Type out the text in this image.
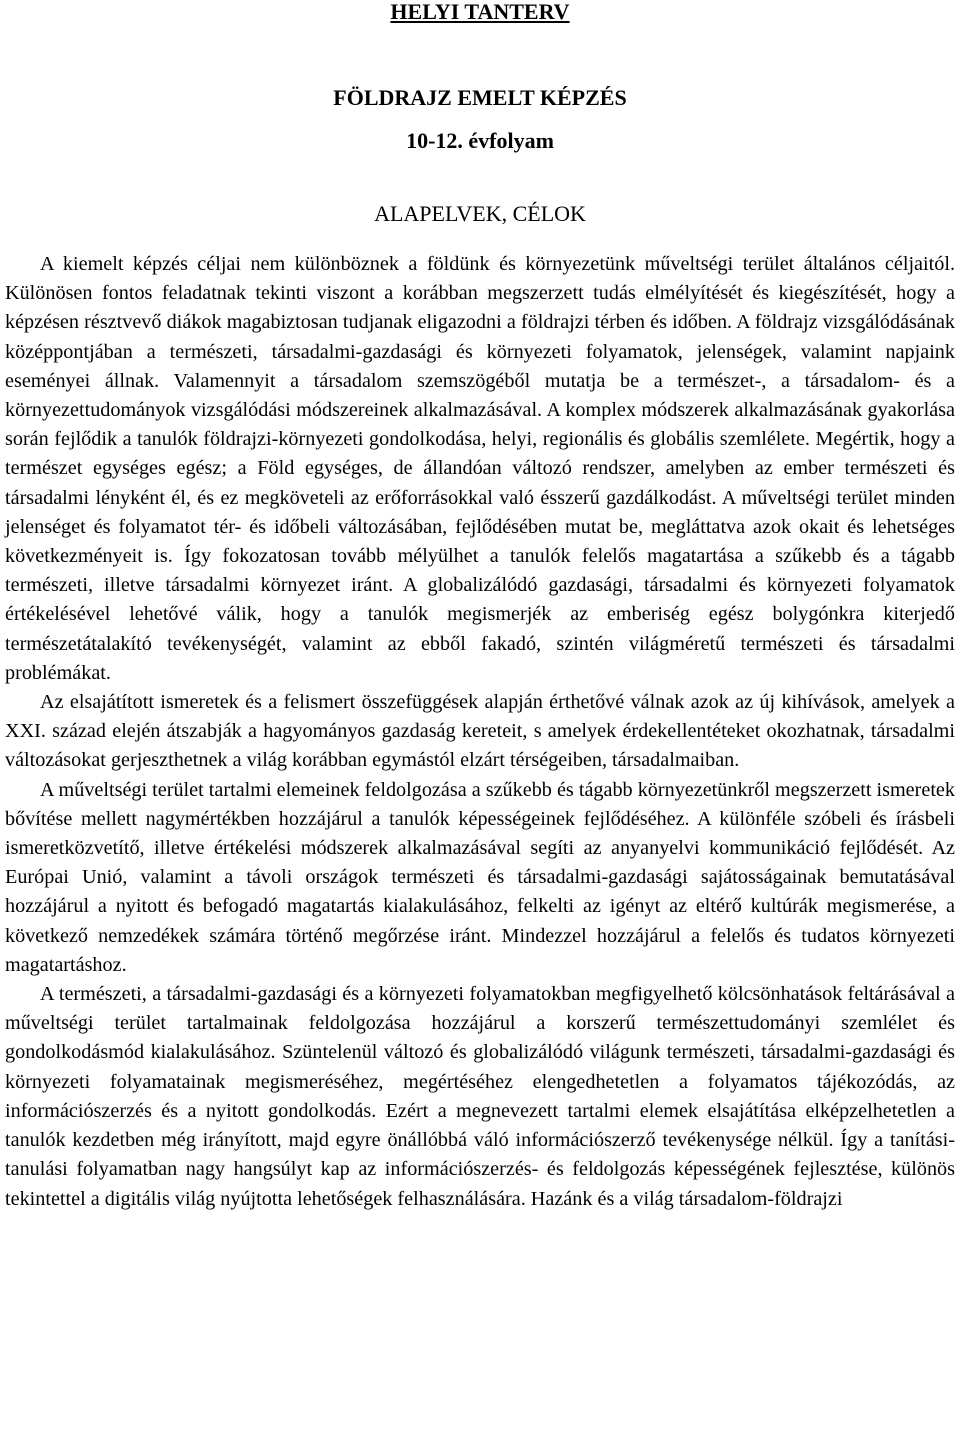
HELYI TANTERV
FÖLDRAJZ EMELT KÉPZÉS
10-12. évfolyam
ALAPELVEK, CÉLOK

A kiemelt képzés céljai nem különböznek a földünk és környezetünk műveltségi terület általános céljaitól. Különösen fontos feladatnak tekinti viszont a korábban megszerzett tudás elmélyítését és kiegészítését, hogy a képzésen résztvevő diákok magabiztosan tudjanak eligazodni a földrajzi térben és időben. A földrajz vizsgálódásának középpontjában a természeti, társadalmi-gazdasági és környezeti folyamatok, jelenségek, valamint napjaink eseményei állnak. Valamennyit a társadalom szemszögéből mutatja be a természet-, a társadalom- és a környezettudományok vizsgálódási módszereinek alkalmazásával. A komplex módszerek alkalmazásának gyakorlása során fejlődik a tanulók földrajzi-környezeti gondolkodása, helyi, regionális és globális szemlélete. Megértik, hogy a természet egységes egész; a Föld egységes, de állandóan változó rendszer, amelyben az ember természeti és társadalmi lényként él, és ez megköveteli az erőforrásokkal való ésszerű gazdálkodást. A műveltségi terület minden jelenséget és folyamatot tér- és időbeli változásában, fejlődésében mutat be, megláttatva azok okait és lehetséges következményeit is. Így fokozatosan tovább mélyülhet a tanulók felelős magatartása a szűkebb és a tágabb természeti, illetve társadalmi környezet iránt. A globalizálódó gazdasági, társadalmi és környezeti folyamatok értékelésével lehetővé válik, hogy a tanulók megismerjék az emberiség egész bolygónkra kiterjedő természetátalakító tevékenységét, valamint az ebből fakadó, szintén világméretű természeti és társadalmi problémákat.

Az elsajátított ismeretek és a felismert összefüggések alapján érthetővé válnak azok az új kihívások, amelyek a XXI. század elején átszabják a hagyományos gazdaság kereteit, s amelyek érdekellentéteket okozhatnak, társadalmi változásokat gerjeszthetnek a világ korábban egymástól elzárt térségeiben, társadalmaiban.

A műveltségi terület tartalmi elemeinek feldolgozása a szűkebb és tágabb környezetünkről megszerzett ismeretek bővítése mellett nagymértékben hozzájárul a tanulók képességeinek fejlődéséhez. A különféle szóbeli és írásbeli ismeretközvetítő, illetve értékelési módszerek alkalmazásával segíti az anyanyelvi kommunikáció fejlődését. Az Európai Unió, valamint a távoli országok természeti és társadalmi-gazdasági sajátosságainak bemutatásával hozzájárul a nyitott és befogadó magatartás kialakulásához, felkelti az igényt az eltérő kultúrák megismerése, a következő nemzedékek számára történő megőrzése iránt. Mindezzel hozzájárul a felelős és tudatos környezeti magatartáshoz.

A természeti, a társadalmi-gazdasági és a környezeti folyamatokban megfigyelhető kölcsönhatások feltárásával a műveltségi terület tartalmainak feldolgozása hozzájárul a korszerű természettudományi szemlélet és gondolkodásmód kialakulásához. Szüntelenül változó és globalizálódó világunk természeti, társadalmi-gazdasági és környezeti folyamatainak megismeréséhez, megértéséhez elengedhetetlen a folyamatos tájékozódás, az információszerzés és a nyitott gondolkodás. Ezért a megnevezett tartalmi elemek elsajátítása elképzelhetetlen a tanulók kezdetben még irányított, majd egyre önállóbbá váló információszerző tevékenysége nélkül. Így a tanítási-tanulási folyamatban nagy hangsúlyt kap az információszerzés- és feldolgozás képességének fejlesztése, különös tekintettel a digitális világ nyújtotta lehetőségek felhasználására. Hazánk és a világ társadalom-földrajzi
